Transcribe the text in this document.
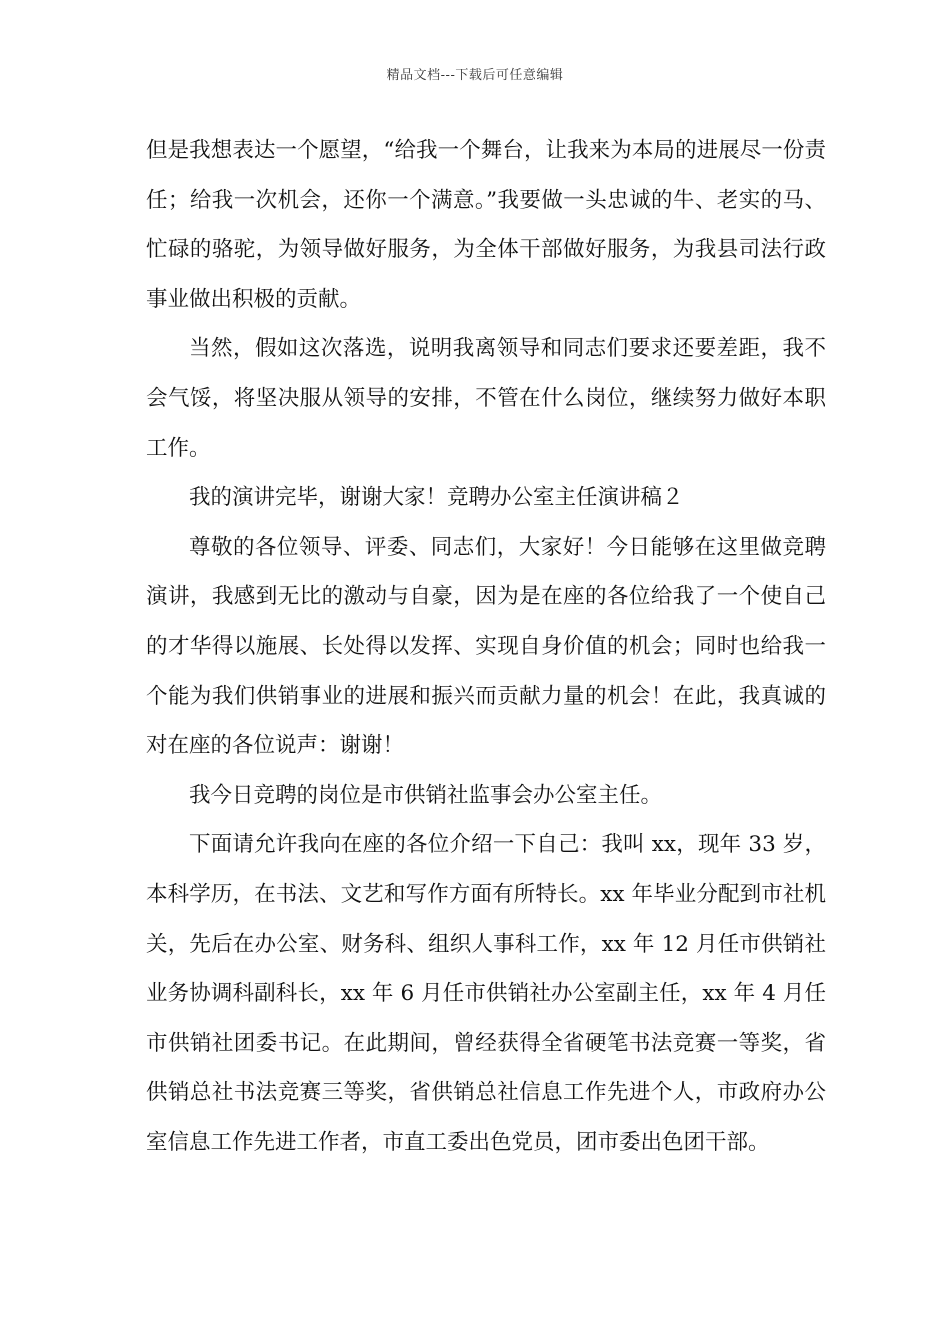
精品文档---下载后可任意编辑

但是我想表达一个愿望，“给我一个舞台，让我来为本局的进展尽一份责任；给我一次机会，还你一个满意。”我要做一头忠诚的牛、老实的马、忙碌的骆驼，为领导做好服务，为全体干部做好服务，为我县司法行政事业做出积极的贡献。

当然，假如这次落选，说明我离领导和同志们要求还要差距，我不会气馁，将坚决服从领导的安排，不管在什么岗位，继续努力做好本职工作。

我的演讲完毕，谢谢大家！竞聘办公室主任演讲稿２

尊敬的各位领导、评委、同志们，大家好！今日能够在这里做竞聘演讲，我感到无比的激动与自豪，因为是在座的各位给我了一个使自己的才华得以施展、长处得以发挥、实现自身价值的机会；同时也给我一个能为我们供销事业的进展和振兴而贡献力量的机会！在此，我真诚的对在座的各位说声：谢谢！

我今日竞聘的岗位是市供销社监事会办公室主任。

下面请允许我向在座的各位介绍一下自己：我叫 xx，现年 33 岁，本科学历，在书法、文艺和写作方面有所特长。xx 年毕业分配到市社机关，先后在办公室、财务科、组织人事科工作，xx 年 12 月任市供销社业务协调科副科长，xx 年 6 月任市供销社办公室副主任，xx 年 4 月任市供销社团委书记。在此期间，曾经获得全省硬笔书法竞赛一等奖，省供销总社书法竞赛三等奖，省供销总社信息工作先进个人，市政府办公室信息工作先进工作者，市直工委出色党员，团市委出色团干部。
